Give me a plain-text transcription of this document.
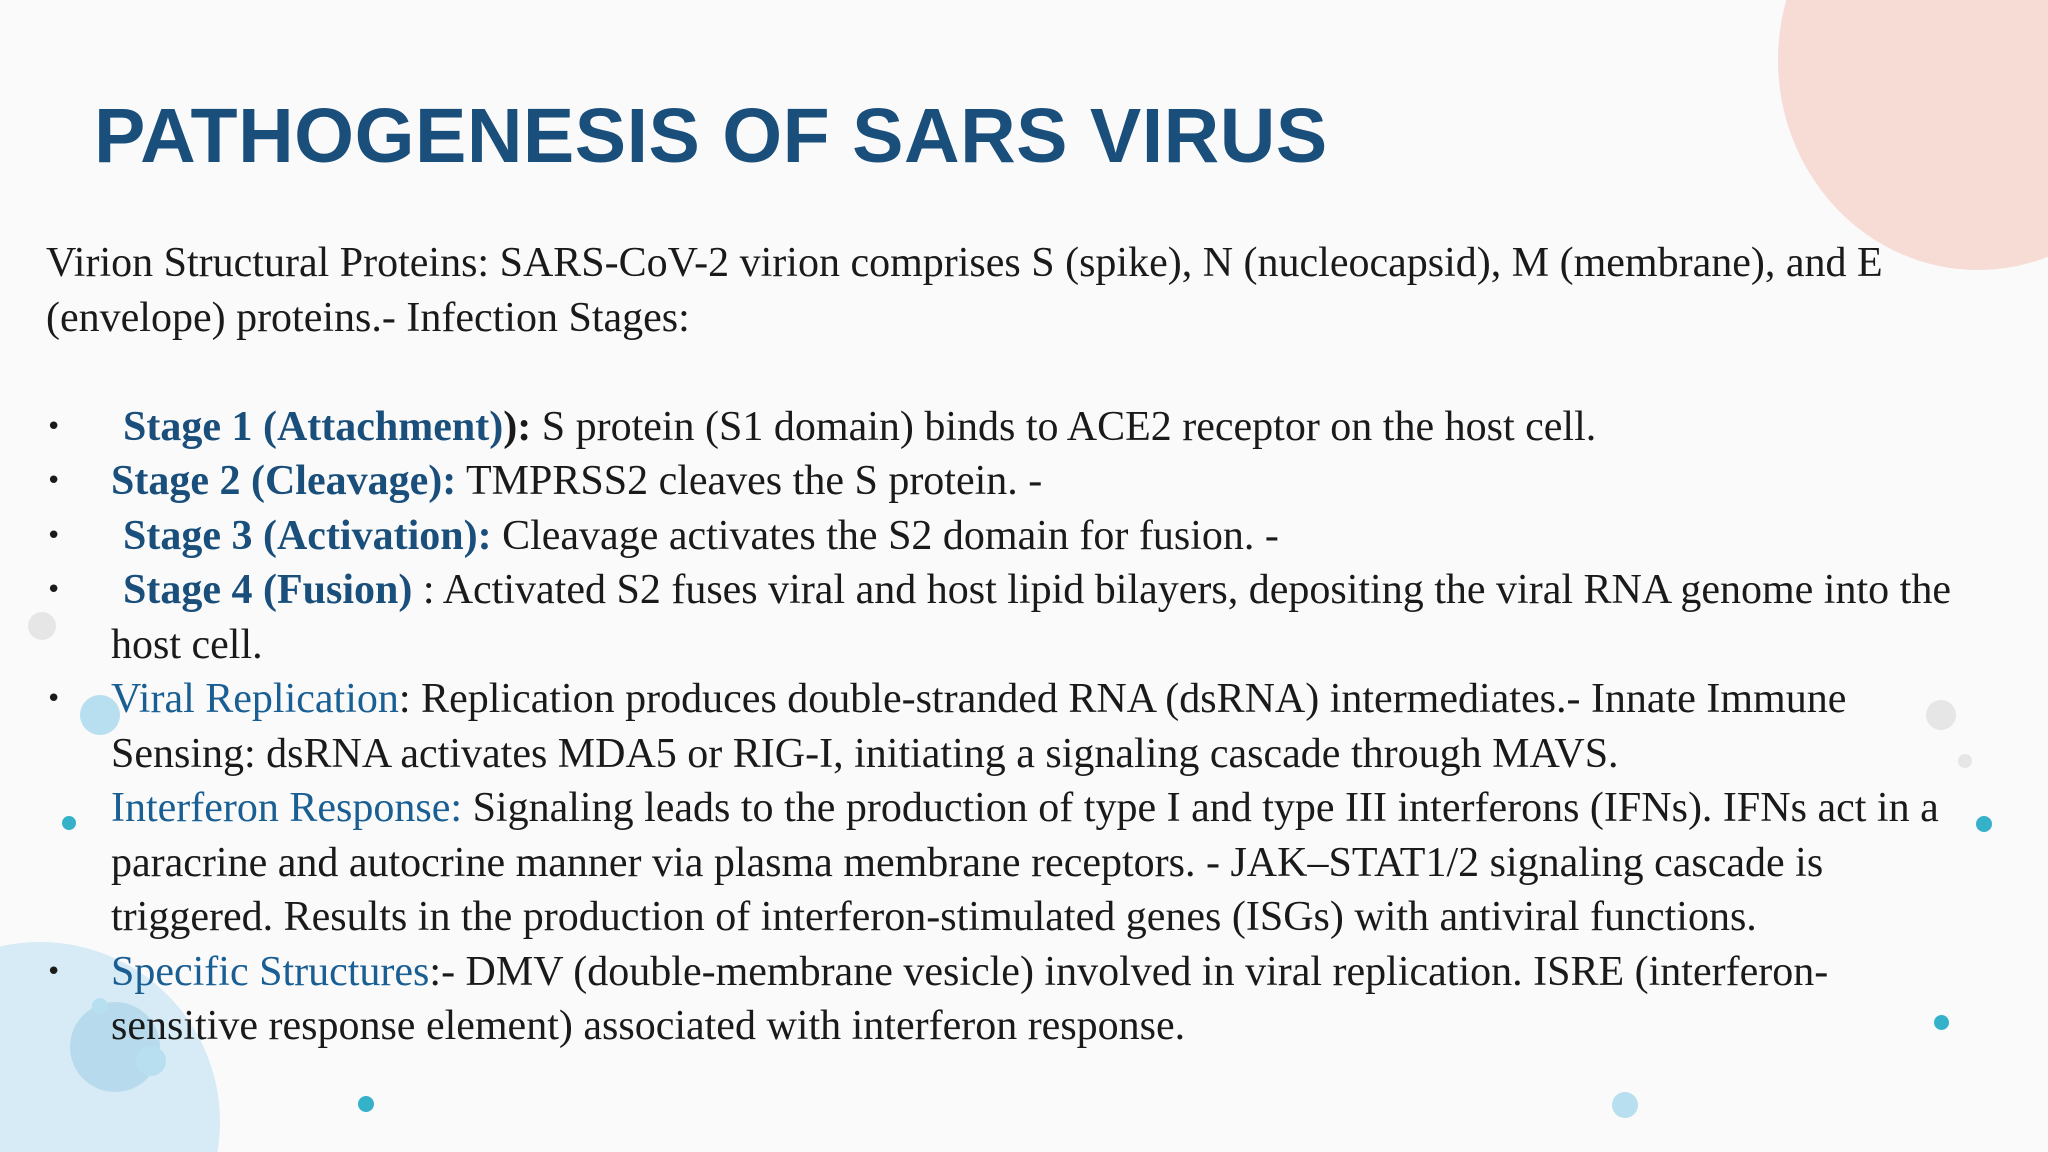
PATHOGENESIS OF SARS VIRUS

Virion Structural Proteins: SARS-CoV-2 virion comprises S (spike), N (nucleocapsid), M (membrane), and E (envelope) proteins.- Infection Stages:

• Stage 1 (Attachment)): S protein (S1 domain) binds to ACE2 receptor on the host cell.
• Stage 2 (Cleavage): TMPRSS2 cleaves the S protein. -
• Stage 3 (Activation): Cleavage activates the S2 domain for fusion. -
• Stage 4 (Fusion) : Activated S2 fuses viral and host lipid bilayers, depositing the viral RNA genome into the host cell.
• Viral Replication: Replication produces double-stranded RNA (dsRNA) intermediates.- Innate Immune Sensing: dsRNA activates MDA5 or RIG-I, initiating a signaling cascade through MAVS.
Interferon Response: Signaling leads to the production of type I and type III interferons (IFNs). IFNs act in a paracrine and autocrine manner via plasma membrane receptors. - JAK–STAT1/2 signaling cascade is triggered. Results in the production of interferon-stimulated genes (ISGs) with antiviral functions.
• Specific Structures:- DMV (double-membrane vesicle) involved in viral replication. ISRE (interferon-sensitive response element) associated with interferon response.
